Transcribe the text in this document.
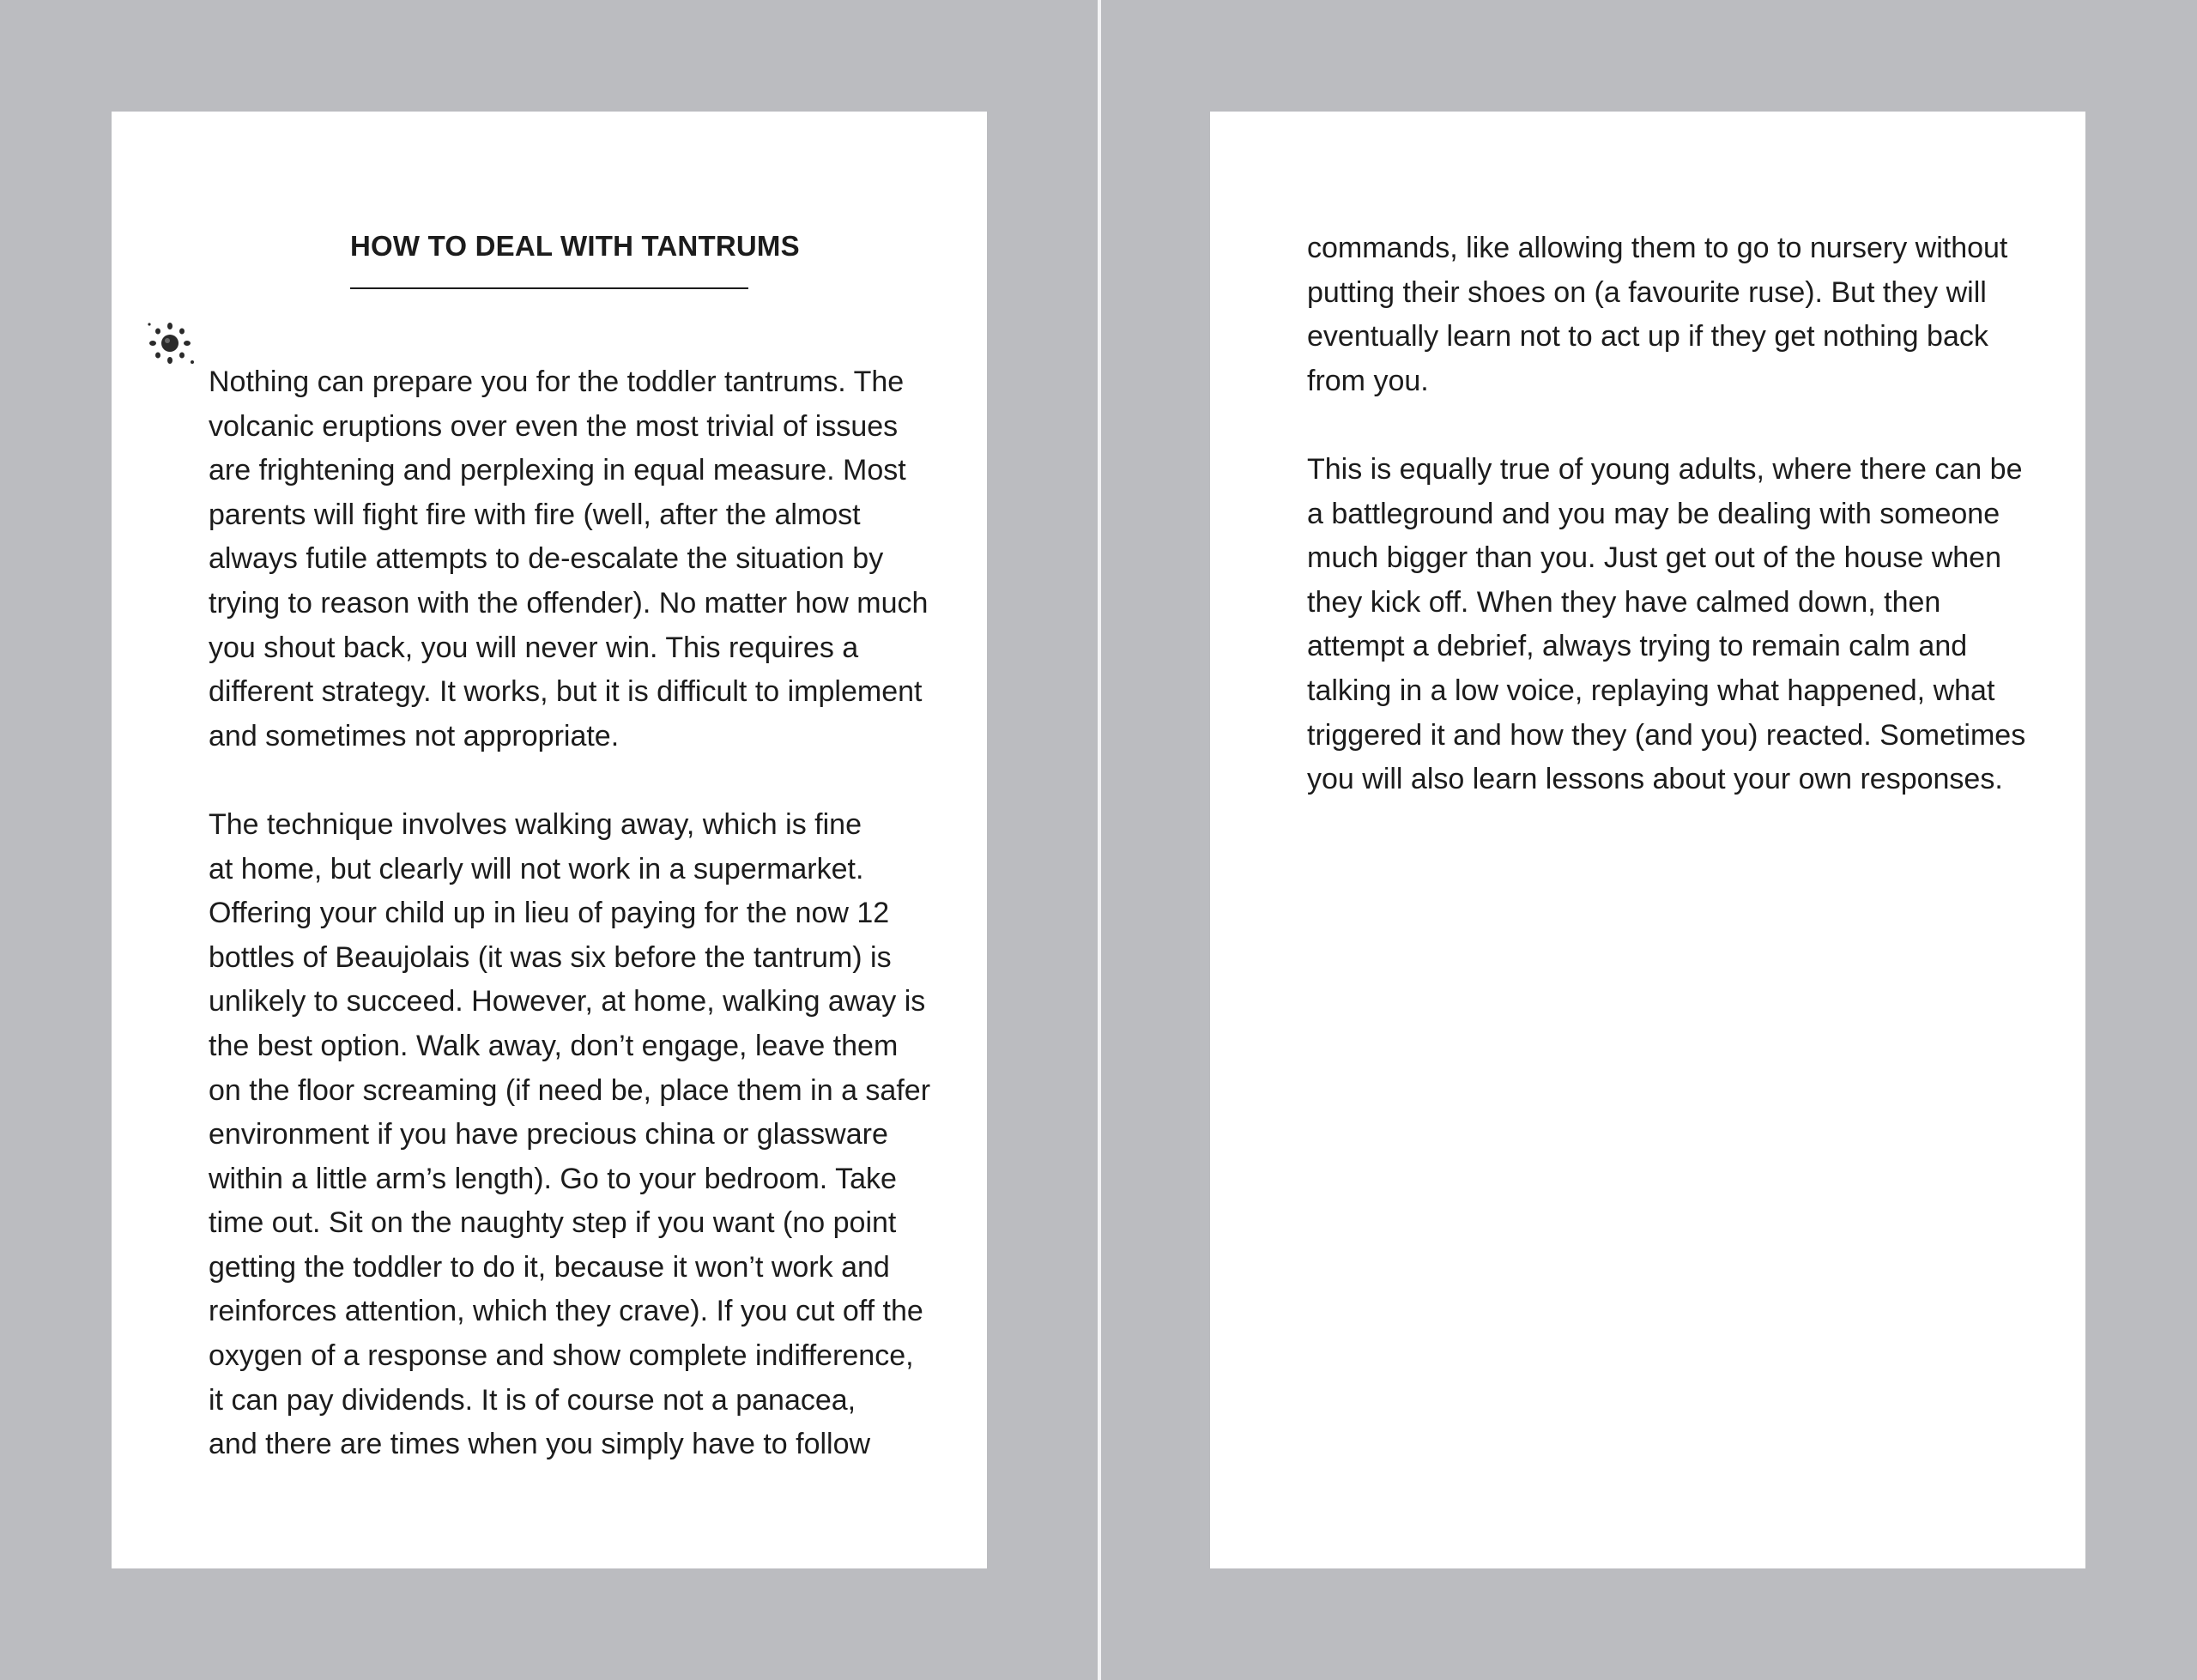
HOW TO DEAL WITH TANTRUMS
Nothing can prepare you for the toddler tantrums. The
volcanic eruptions over even the most trivial of issues
are frightening and perplexing in equal measure. Most
parents will fight fire with fire (well, after the almost
always futile attempts to de-escalate the situation by
trying to reason with the offender). No matter how much
you shout back, you will never win. This requires a
different strategy. It works, but it is difficult to implement
and sometimes not appropriate.
The technique involves walking away, which is fine
at home, but clearly will not work in a supermarket.
Offering your child up in lieu of paying for the now 12
bottles of Beaujolais (it was six before the tantrum) is
unlikely to succeed. However, at home, walking away is
the best option. Walk away, don’t engage, leave them
on the floor screaming (if need be, place them in a safer
environment if you have precious china or glassware
within a little arm’s length). Go to your bedroom. Take
time out. Sit on the naughty step if you want (no point
getting the toddler to do it, because it won’t work and
reinforces attention, which they crave). If you cut off the
oxygen of a response and show complete indifference,
it can pay dividends. It is of course not a panacea,
and there are times when you simply have to follow
commands, like allowing them to go to nursery without
putting their shoes on (a favourite ruse). But they will
eventually learn not to act up if they get nothing back
from you.
This is equally true of young adults, where there can be
a battleground and you may be dealing with someone
much bigger than you. Just get out of the house when
they kick off. When they have calmed down, then
attempt a debrief, always trying to remain calm and
talking in a low voice, replaying what happened, what
triggered it and how they (and you) reacted. Sometimes
you will also learn lessons about your own responses.
